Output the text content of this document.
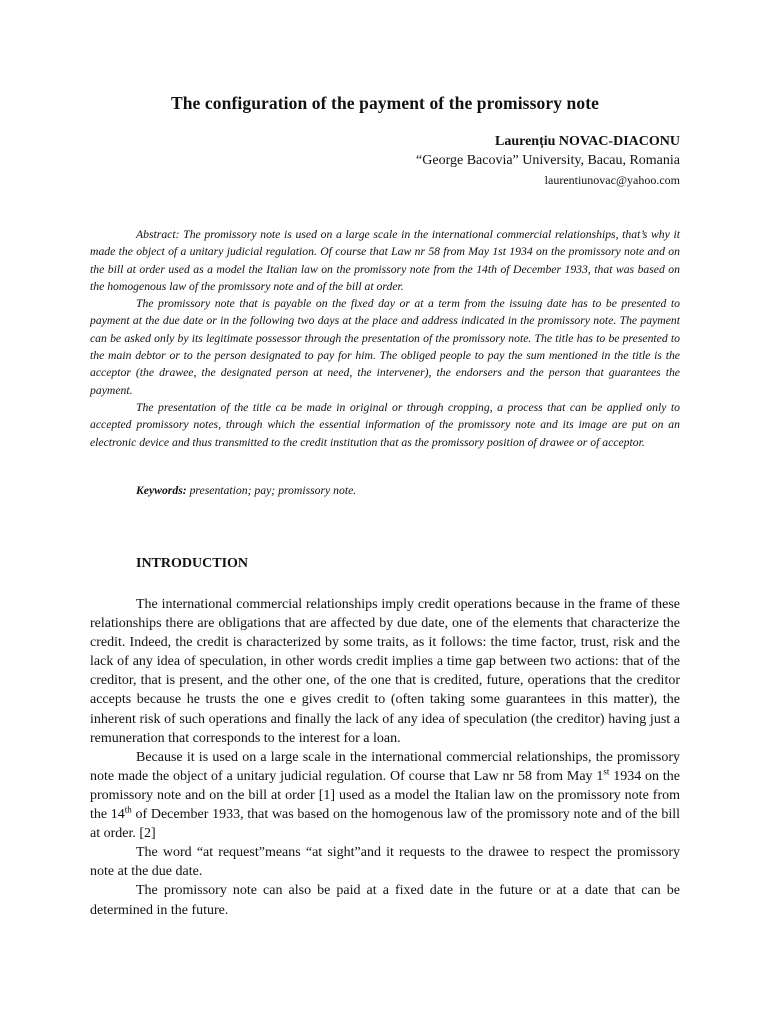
The configuration of the payment of the promissory note
Laurențiu NOVAC-DIACONU
“George Bacovia” University, Bacau, Romania
laurentiunovac@yahoo.com

Abstract: The promissory note is used on a large scale in the international commercial relationships, that’s why it made the object of a unitary judicial regulation. Of course that Law nr 58 from May 1st 1934 on the promissory note and on the bill at order used as a model the Italian law on the promissory note from the 14th of December 1933, that was based on the homogenous law of the promissory note and of the bill at order.

The promissory note that is payable on the fixed day or at a term from the issuing date has to be presented to payment at the due date or in the following two days at the place and address indicated in the promissory note. The payment can be asked only by its legitimate possessor through the presentation of the promissory note. The title has to be presented to the main debtor or to the person designated to pay for him. The obliged people to pay the sum mentioned in the title is the acceptor (the drawee, the designated person at need, the intervener), the endorsers and the person that guarantees the payment.

The presentation of the title ca be made in original or through cropping, a process that can be applied only to accepted promissory notes, through which the essential information of the promissory note and its image are put on an electronic device and thus transmitted to the credit institution that as the promissory position of drawee or of acceptor.

Keywords: presentation; pay; promissory note.
INTRODUCTION

The international commercial relationships imply credit operations because in the frame of these relationships there are obligations that are affected by due date, one of the elements that characterize the credit. Indeed, the credit is characterized by some traits, as it follows: the time factor, trust, risk and the lack of any idea of speculation, in other words credit implies a time gap between two actions: that of the creditor, that is present, and the other one, of the one that is credited, future, operations that the creditor accepts because he trusts the one e gives credit to (often taking some guarantees in this matter), the inherent risk of such operations and finally the lack of any idea of speculation (the creditor) having just a remuneration that corresponds to the interest for a loan.

Because it is used on a large scale in the international commercial relationships, the promissory note made the object of a unitary judicial regulation. Of course that Law nr 58 from May 1st 1934 on the promissory note and on the bill at order [1] used as a model the Italian law on the promissory note from the 14th of December 1933, that was based on the homogenous law of the promissory note and of the bill at order. [2]

The word “at request”means “at sight”and it requests to the drawee to respect the promissory note at the due date.

The promissory note can also be paid at a fixed date in the future or at a date that can be determined in the future.
